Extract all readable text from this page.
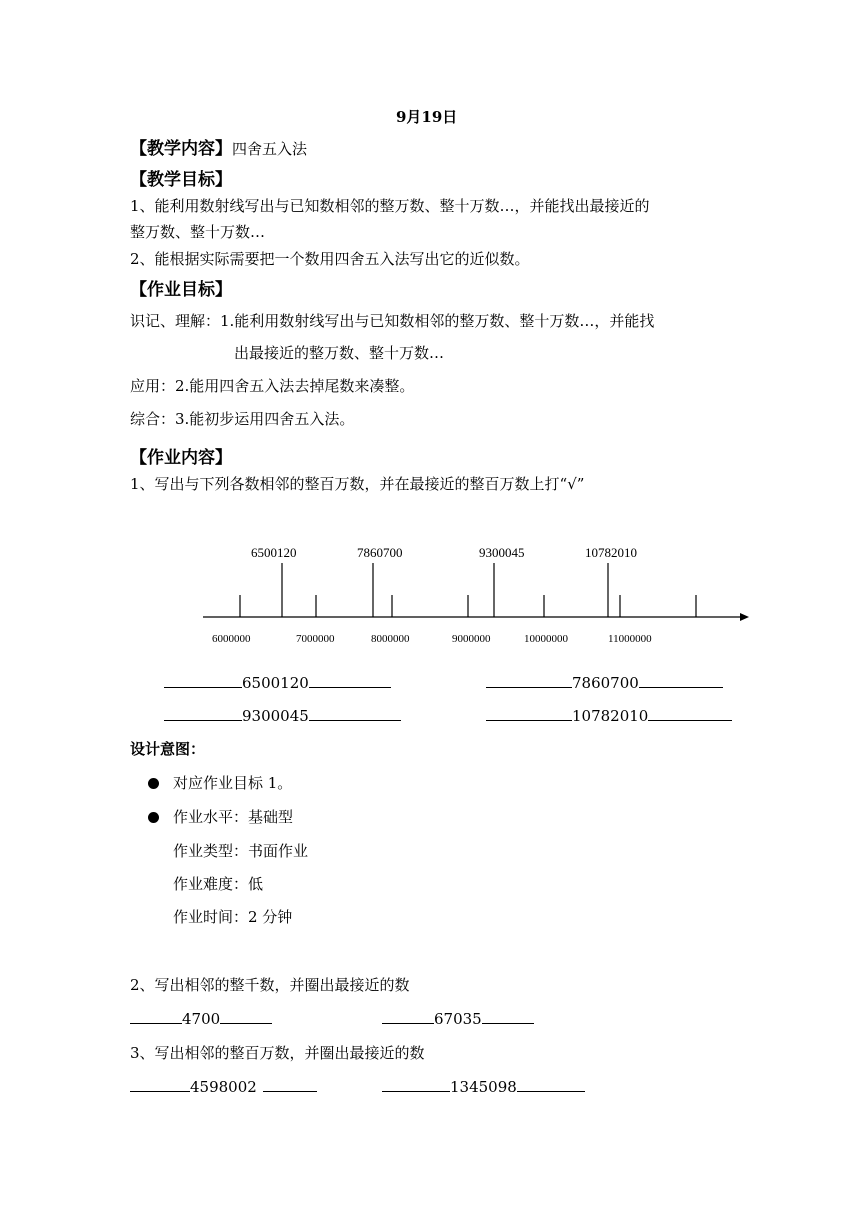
9月19日
【教学内容】四舍五入法
【教学目标】
1、能利用数射线写出与已知数相邻的整万数、整十万数…，并能找出最接近的
整万数、整十万数…
2、能根据实际需要把一个数用四舍五入法写出它的近似数。
【作业目标】
识记、理解：1.能利用数射线写出与已知数相邻的整万数、整十万数…，并能找
出最接近的整万数、整十万数…
应用：2.能用四舍五入法去掉尾数来凑整。
综合：3.能初步运用四舍五入法。
【作业内容】
1、写出与下列各数相邻的整百万数，并在最接近的整百万数上打“√”
6500120	7860700	9300045	10782010
6000000	7000000	8000000	9000000	10000000	11000000
6500120	7860700
9300045	10782010
设计意图：
对应作业目标 1。
作业水平：基础型
作业类型：书面作业
作业难度：低
作业时间：2 分钟
2、写出相邻的整千数，并圈出最接近的数
4700	67035
3、写出相邻的整百万数，并圈出最接近的数
4598002	1345098
